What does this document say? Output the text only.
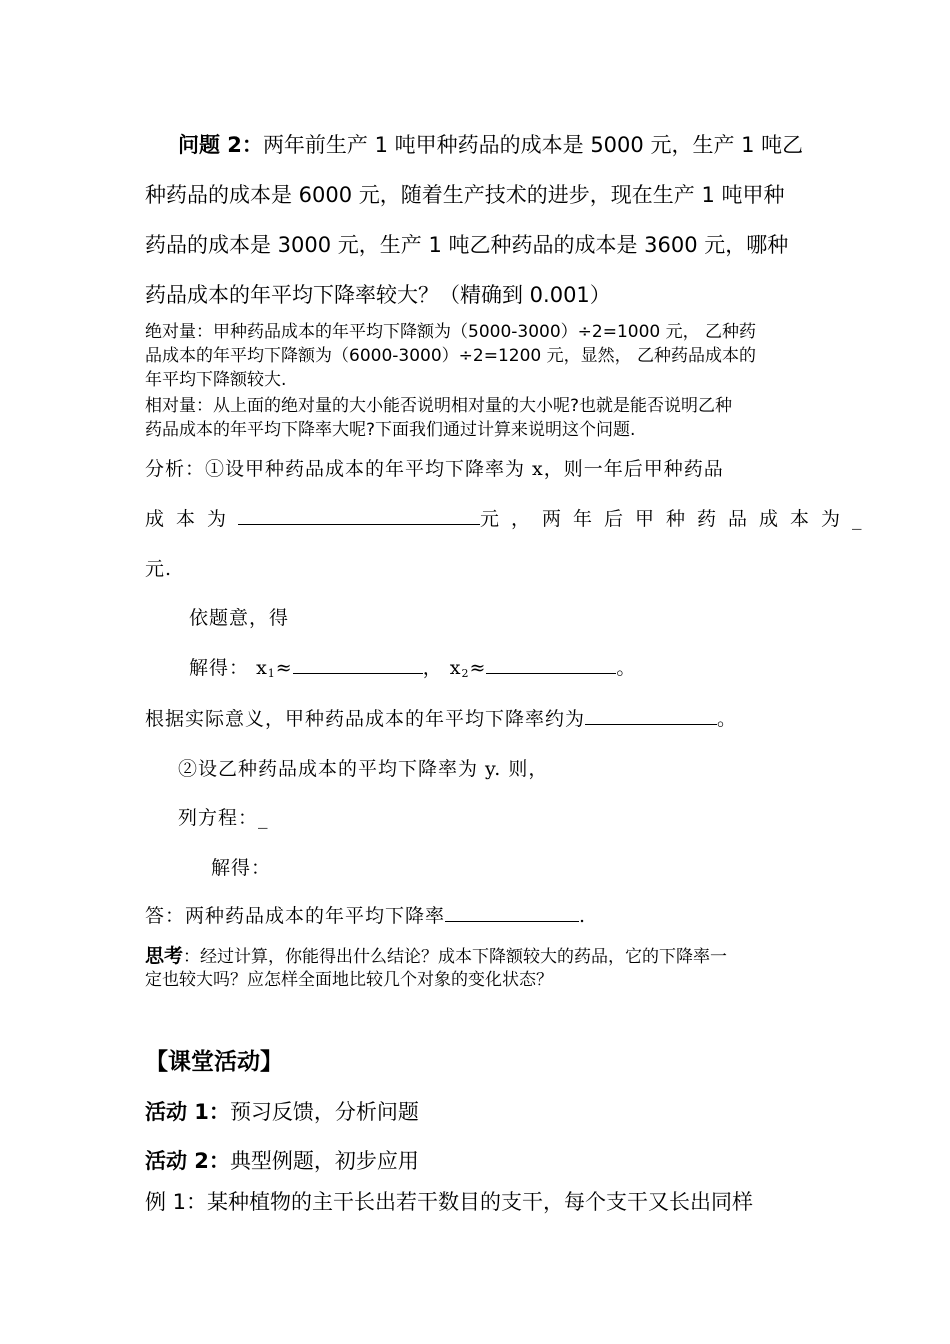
问题 2：两年前生产 1 吨甲种药品的成本是 5000 元，生产 1 吨乙
种药品的成本是 6000 元，随着生产技术的进步，现在生产 1 吨甲种
药品的成本是 3000 元，生产 1 吨乙种药品的成本是 3600 元，哪种
药品成本的年平均下降率较大？（精确到 0.001）
绝对量：甲种药品成本的年平均下降额为（5000-3000）÷2=1000 元， 乙种药
品成本的年平均下降额为（6000-3000）÷2=1200 元，显然， 乙种药品成本的
年平均下降额较大.
相对量：从上面的绝对量的大小能否说明相对量的大小呢?也就是能否说明乙种
药品成本的年平均下降率大呢?下面我们通过计算来说明这个问题.
分析：①设甲种药品成本的年平均下降率为 x，则一年后甲种药品
成本为	元，两年后甲种药品成本为_
元.
依题意，得
解得： $x_1\approx$	， $x_2\approx$	。
根据实际意义，甲种药品成本的年平均下降率约为	。
②设乙种药品成本的平均下降率为 y. 则，
列方程：_
解得：
答：两种药品成本的年平均下降率	.
思考：经过计算，你能得出什么结论？成本下降额较大的药品，它的下降率一
定也较大吗？应怎样全面地比较几个对象的变化状态？
【课堂活动】
活动 1：预习反馈，分析问题
活动 2：典型例题，初步应用
例 1：某种植物的主干长出若干数目的支干，每个支干又长出同样
